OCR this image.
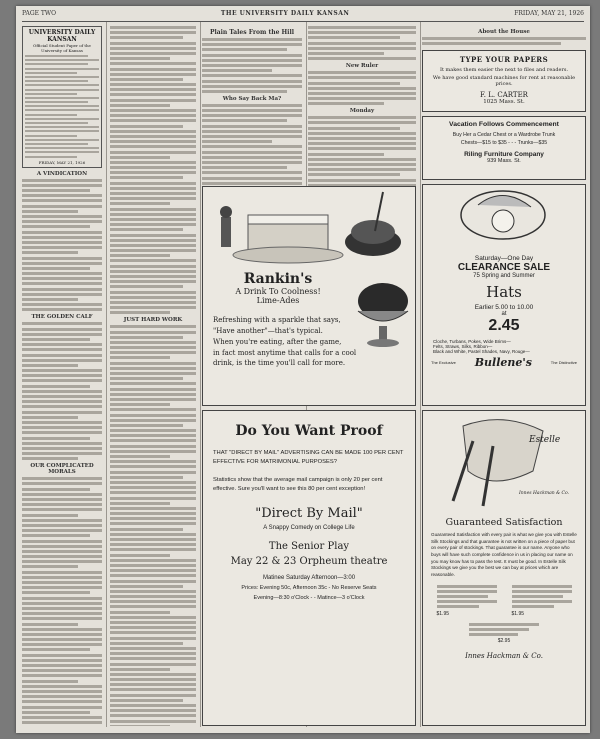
PAGE TWO	THE UNIVERSITY DAILY KANSAN	FRIDAY, MAY 21, 1926
UNIVERSITY DAILY KANSAN
Official Student Paper of the University of Kansas
FRIDAY, MAY 21, 1926
A VINDICATION
THE GOLDEN CALF
OUR COMPLICATED MORALS
Plain Tales From the Hill
Who Say Back Ma?
New Ruler
Monday
Rankin's
A Drink To Coolness!
Lime-Ades
Refreshing with a sparkle that says,
"Have another"—that's typical.
When you're eating, after the game,
in fact most anytime that calls for a cool
drink, is the time you'll call for more.
Do You Want Proof
THAT "DIRECT BY MAIL" ADVERTISING CAN BE MADE 100 PER CENT EFFECTIVE FOR MATRIMONIAL PURPOSES?
Statistics show that the average mail campaign is only 20 per cent effective. Sure you'll want to see this 80 per cent exception!
"Direct By Mail"
A Snappy Comedy on College Life
The Senior Play
May 22 & 23 Orpheum theatre
Matinee Saturday Afternoon—3:00
Prices: Evening 50c, Afternoon 35c - No Reserve Seats
Evening—8:30 o'Clock - - Matince—3 o'Clock
TYPE YOUR PAPERS
It makes them easier the next to files and readers.
We have good standard machines for rent at reasonable prices.
F. L. CARTER
1025 Mass. St.
Vacation Follows Commencement
Buy Her a Cedar Chest or a Wardrobe Trunk
Chests—$15 to $35 - - - Trunks—$35
Riling Furniture Company
939 Mass. St.
Saturday—One Day
CLEARANCE SALE
75 Spring and Summer
Hats
Earlier 5.00 to 10.00
at
2.45
Cloche, Turbans, Pokes, Wide Brims—
Felts, Straws, Silks, Ribbon—
Black and White, Pastel Shades, Navy, Rouge—
The Exclusive Bullene's	The Distinctive
Estelle
Innes Hackman & Co.
Guaranteed Satisfaction
Guaranteed Satisfaction with every pair is what we give you with Estelle Silk Stockings and that guarantee is not written on a piece of paper but on every pair of stockings. That guarantee is our name. Anyone who buys will have such complete confidence in us in placing our name on you may know has to pass the test. It must be good. In Estelle Silk Stockings we give you the best we can buy at prices which are reasonable.
$1.95	$1.95
$2.95
Innes Hackman & Co.
About the House
JUST HARD WORK
